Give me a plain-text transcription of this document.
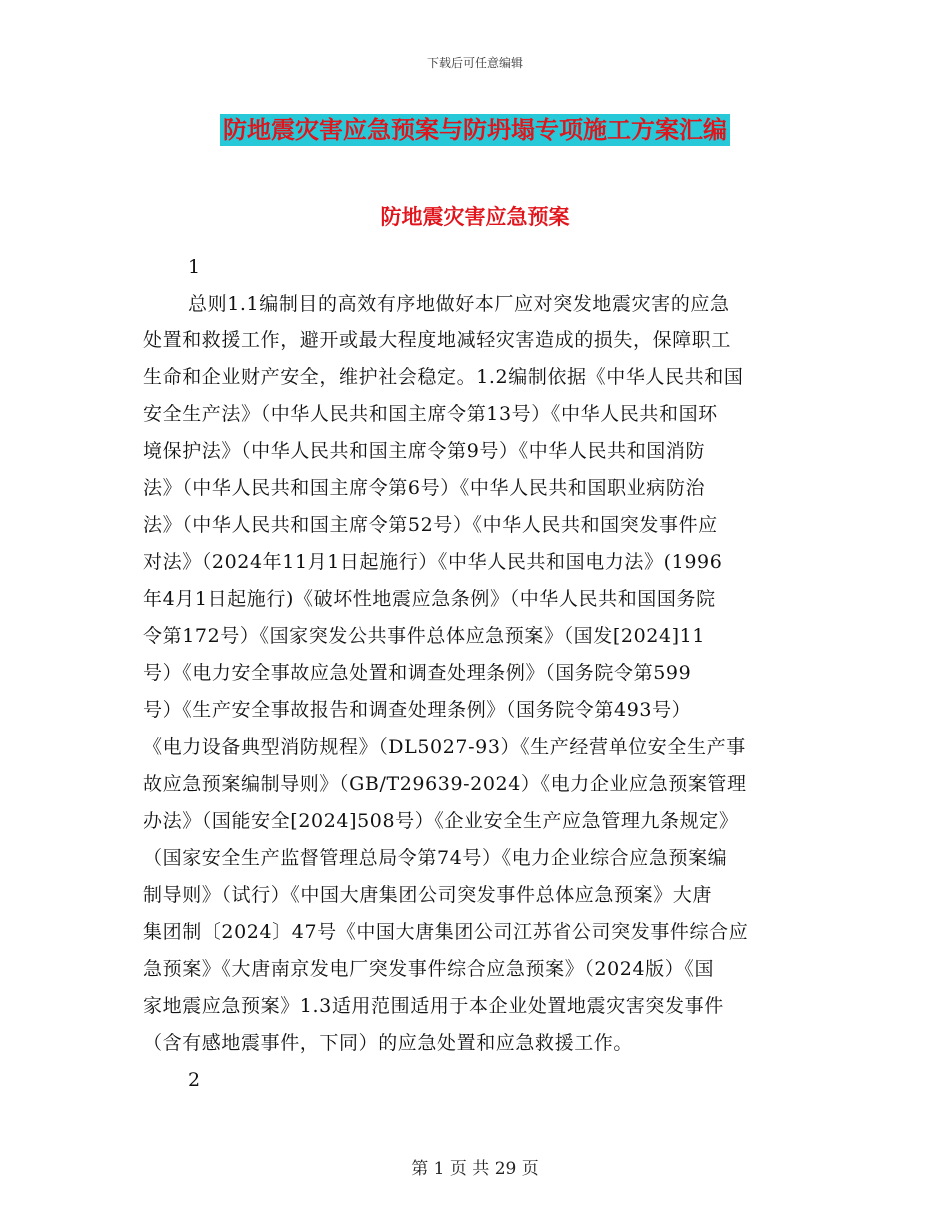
下载后可任意编辑
防地震灾害应急预案与防坍塌专项施工方案汇编
防地震灾害应急预案
1
总则1.1编制目的高效有序地做好本厂应对突发地震灾害的应急
处置和救援工作，避开或最大程度地减轻灾害造成的损失，保障职工
生命和企业财产安全，维护社会稳定。1.2编制依据《中华人民共和国
安全生产法》（中华人民共和国主席令第13号）《中华人民共和国环
境保护法》（中华人民共和国主席令第9号）《中华人民共和国消防
法》（中华人民共和国主席令第6号）《中华人民共和国职业病防治
法》（中华人民共和国主席令第52号）《中华人民共和国突发事件应
对法》（2024年11月1日起施行）《中华人民共和国电力法》(1996
年4月1日起施行)《破坏性地震应急条例》（中华人民共和国国务院
令第172号）《国家突发公共事件总体应急预案》（国发[2024]11
号）《电力安全事故应急处置和调查处理条例》（国务院令第599
号）《生产安全事故报告和调查处理条例》（国务院令第493号）
《电力设备典型消防规程》（DL5027-93）《生产经营单位安全生产事
故应急预案编制导则》（GB/T29639-2024）《电力企业应急预案管理
办法》（国能安全[2024]508号）《企业安全生产应急管理九条规定》
（国家安全生产监督管理总局令第74号）《电力企业综合应急预案编
制导则》（试行）《中国大唐集团公司突发事件总体应急预案》大唐
集团制〔2024〕47号《中国大唐集团公司江苏省公司突发事件综合应
急预案》《大唐南京发电厂突发事件综合应急预案》（2024版）《国
家地震应急预案》1.3适用范围适用于本企业处置地震灾害突发事件
（含有感地震事件，下同）的应急处置和应急救援工作。
2
第 1 页 共 29 页
